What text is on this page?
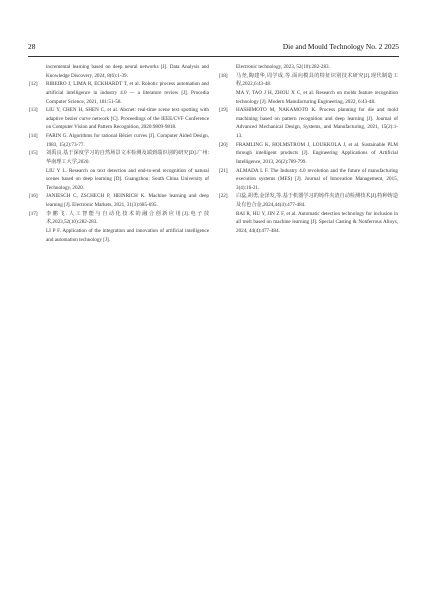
28	Die and Mould Technology No. 2 2025
incremental learning based on deep neural networks [J]. Data Analysis and Knowledge Discovery, 2024, 8(6):1-39.
[12]	RIBEIRO J, LIMA R, ECKHARDT T, et al. Robotic process automation and artificial intelligence in industry 4.0 — a literature review [J]. Procedia Computer Science, 2021, 181:51-58.
[13]	LIU Y, CHEN H, SHEN C, et al. Abcnet: real-time scene text spotting with adaptive bezier curve network [C]. Proceedings of the IEEE/CVF Conference on Computer Vision and Pattern Recognition, 2020:9809-9818.
[14]	FARIN G. Algorithms for rational Bézier curves [J]. Computer Aided Design, 1983, 15(2):73-77.
[15]	刘禹良.基于深度学习的自然场景文本检测及端到端识别的研究[D].广州:华南理工大学,2020.
LIU Y L. Research on text detection and end-to-end recognition of natural scenes based on deep learning [D]. Guangzhou: South China University of Technology, 2020.
[16]	JANIESCH C, ZSCHECH P, HEINRICH K. Machine learning and deep learning [J]. Electronic Markets, 2021, 31(3):685-695.
[17]	李鹏飞.人工智能与自动化技术的融合创新应用[J].电子技术,2023,52(10):282-283.
LI P F. Application of the integration and innovation of artificial intelligence and automation technology [J].
Electronic technology, 2023, 52(10):282-283.
[18]	马尧,陶建华,周学成,等.面向模具的特征识别技术研究[J].现代制造工程,2022,6:43-48.
MA Y, TAO J H, ZHOU X C, et al. Research on molds feature recognition technology [J]. Modern Manufacturing Engineering, 2022, 6:43-48.
[19]	HASHIMOTO M, NAKAMOTO K. Process planning for die and mold machining based on pattern recognition and deep learning [J]. Journal of Advanced Mechanical Design, Systems, and Manufacturing, 2021, 15(2):1-13.
[20]	FRAMLING K, HOLMSTROM J, LOUKKOLA J, et al. Sustainable PLM through intelligent products [J]. Engineering Applications of Artificial Intelligence, 2013, 26(2):789-799.
[21]	ALMADA L F. The Industry 4.0 revolution and the future of manufacturing execution systems (MES) [J]. Journal of Innovation Management, 2015, 3(4):16-21.
[22]	白蕊,胡勇,金泽发,等.基于机器学习的铸件夹渣自动检测技术[J].特种铸造及有色合金,2024,44(4):477-484.
BAI R, HU Y, JIN Z F, et al. Automatic detection technology for inclusion in all melt based on machine learning [J]. Special Casting & Nonferrous Alloys, 2024, 44(4):477-484.
